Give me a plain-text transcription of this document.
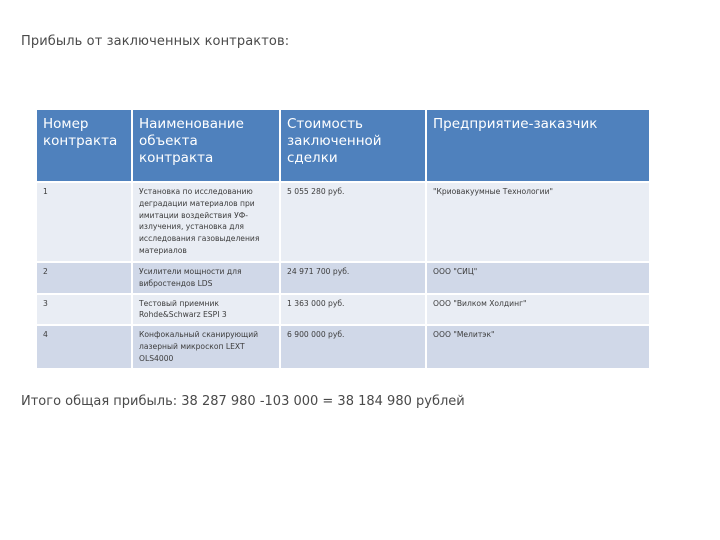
Прибыль от заключенных контрактов:
Номер контракта	Наименование объекта контракта	Стоимость заключенной сделки	Предприятие-заказчик
1	Установка по исследованию деградации материалов при имитации воздействия УФ-излучения, установка для исследования газовыделения материалов	5 055 280 руб.	"Криовакуумные Технологии"
2	Усилители мощности для вибростендов LDS	24 971 700 руб.	ООО "СИЦ"
3	Тестовый приемник Rohde&Schwarz ESPI 3	1 363 000 руб.	ООО "Вилком Холдинг"
4	Конфокальный сканирующий лазерный микроскоп LEXT OLS4000	6 900 000 руб.	ООО "Мелитэк"
Итого общая прибыль: 38 287 980 -103 000 = 38 184 980 рублей
